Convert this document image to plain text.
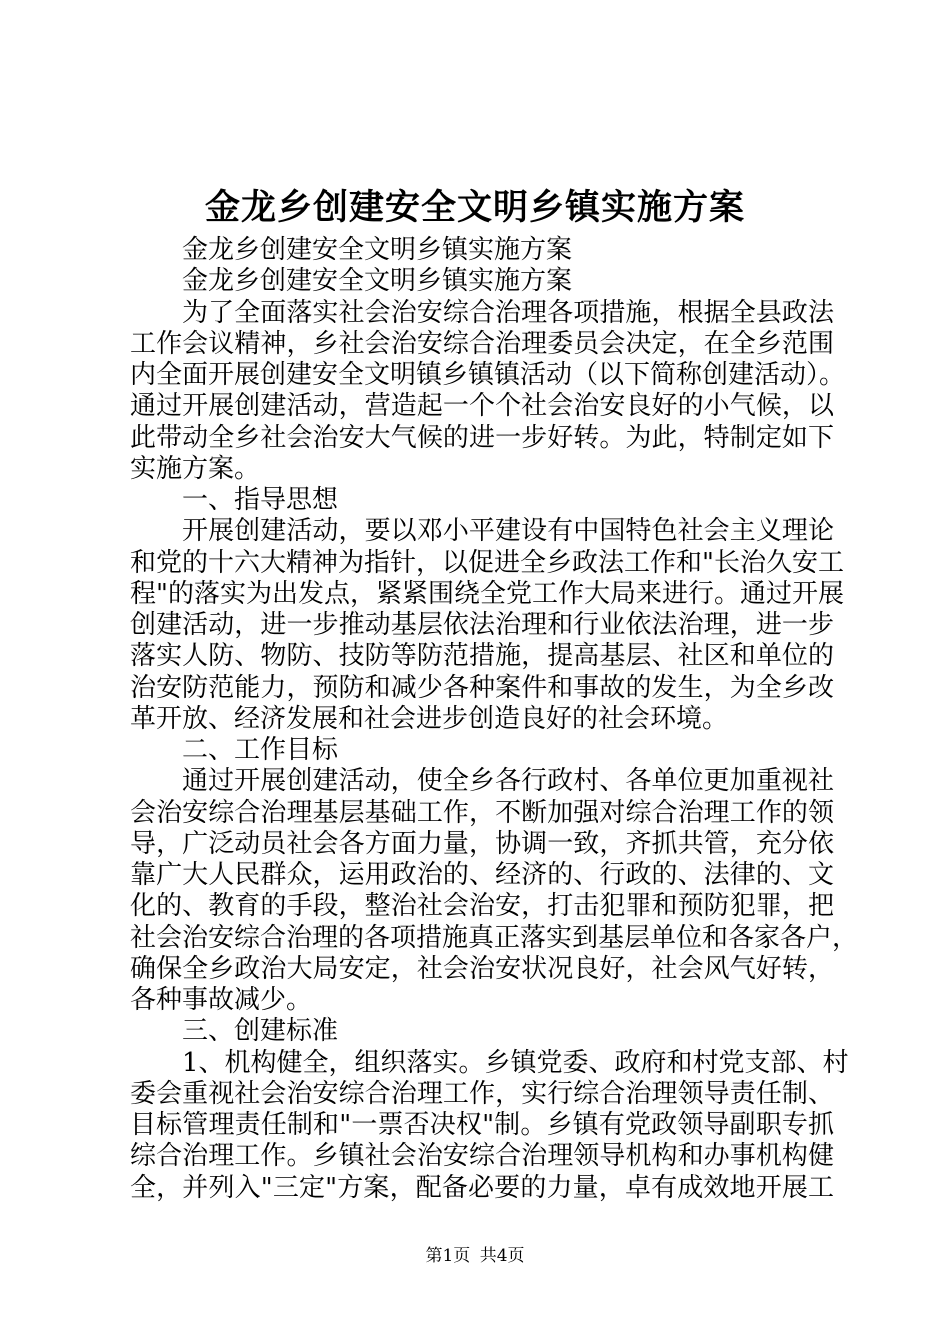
金龙乡创建安全文明乡镇实施方案
金龙乡创建安全文明乡镇实施方案
金龙乡创建安全文明乡镇实施方案
为了全面落实社会治安综合治理各项措施，根据全县政法
工作会议精神，乡社会治安综合治理委员会决定，在全乡范围
内全面开展创建安全文明镇乡镇镇活动（以下简称创建活动）。
通过开展创建活动，营造起一个个社会治安良好的小气候，以
此带动全乡社会治安大气候的进一步好转。为此，特制定如下
实施方案。
一、指导思想
开展创建活动，要以邓小平建设有中国特色社会主义理论
和党的十六大精神为指针，以促进全乡政法工作和"长治久安工
程"的落实为出发点，紧紧围绕全党工作大局来进行。通过开展
创建活动，进一步推动基层依法治理和行业依法治理，进一步
落实人防、物防、技防等防范措施，提高基层、社区和单位的
治安防范能力，预防和减少各种案件和事故的发生，为全乡改
革开放、经济发展和社会进步创造良好的社会环境。
二、工作目标
通过开展创建活动，使全乡各行政村、各单位更加重视社
会治安综合治理基层基础工作，不断加强对综合治理工作的领
导，广泛动员社会各方面力量，协调一致，齐抓共管，充分依
靠广大人民群众，运用政治的、经济的、行政的、法律的、文
化的、教育的手段，整治社会治安，打击犯罪和预防犯罪，把
社会治安综合治理的各项措施真正落实到基层单位和各家各户，
确保全乡政治大局安定，社会治安状况良好，社会风气好转，
各种事故减少。
三、创建标准
1、机构健全，组织落实。乡镇党委、政府和村党支部、村
委会重视社会治安综合治理工作，实行综合治理领导责任制、
目标管理责任制和"一票否决权"制。乡镇有党政领导副职专抓
综合治理工作。乡镇社会治安综合治理领导机构和办事机构健
全，并列入"三定"方案，配备必要的力量，卓有成效地开展工
第1页 共4页
